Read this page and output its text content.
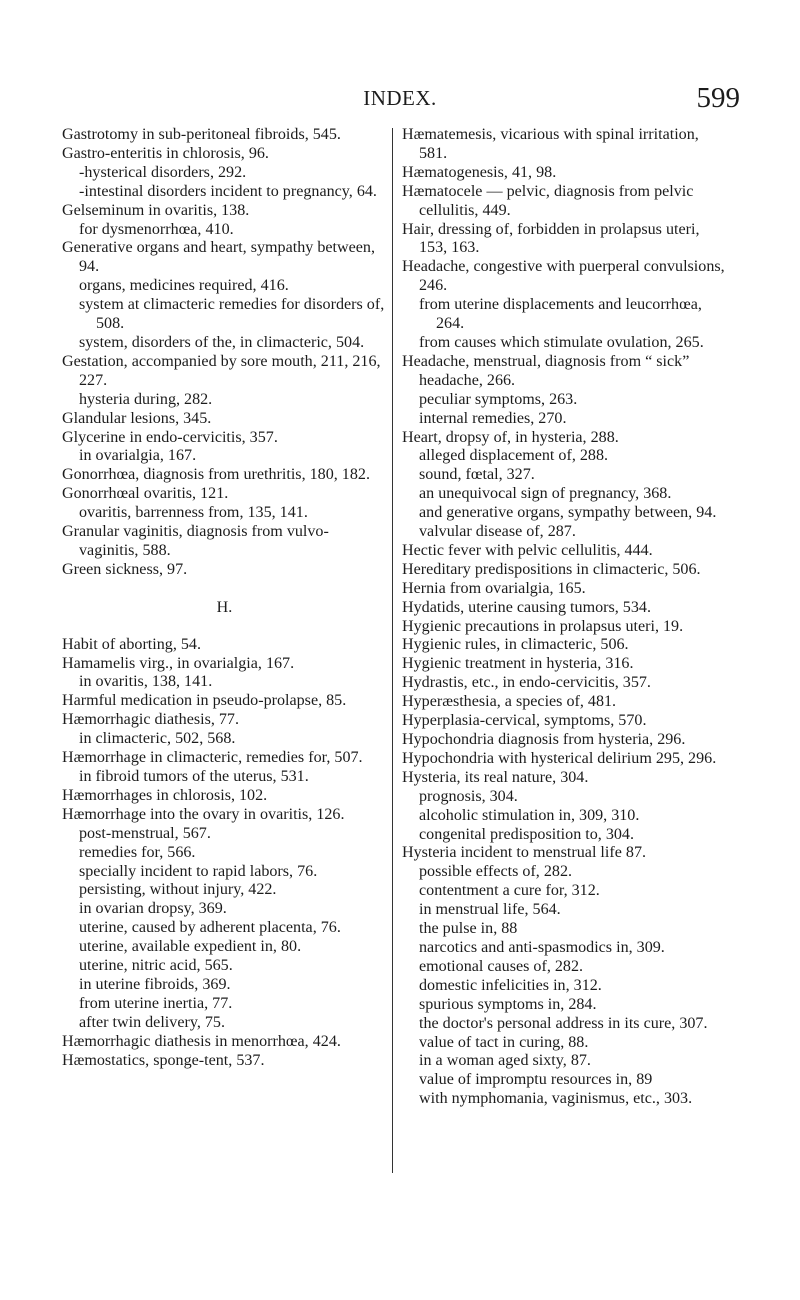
INDEX.	599
Gastrotomy in sub-peritoneal fibroids, 545.
Gastro-enteritis in chlorosis, 96.
-hysterical disorders, 292.
-intestinal disorders incident to pregnancy, 64.
Gelseminum in ovaritis, 138.
for dysmenorrhœa, 410.
Generative organs and heart, sympathy between, 94.
organs, medicines required, 416.
system at climacteric remedies for disorders of, 508.
system, disorders of the, in climacteric, 504.
Gestation, accompanied by sore mouth, 211, 216, 227.
hysteria during, 282.
Glandular lesions, 345.
Glycerine in endo-cervicitis, 357.
in ovarialgia, 167.
Gonorrhœa, diagnosis from urethritis, 180, 182.
Gonorrhœal ovaritis, 121.
ovaritis, barrenness from, 135, 141.
Granular vaginitis, diagnosis from vulvo-vaginitis, 588.
Green sickness, 97.
H.
Habit of aborting, 54.
Hamamelis virg., in ovarialgia, 167.
in ovaritis, 138, 141.
Harmful medication in pseudo-prolapse, 85.
Hæmorrhagic diathesis, 77.
in climacteric, 502, 568.
Hæmorrhage in climacteric, remedies for, 507.
in fibroid tumors of the uterus, 531.
Hæmorrhages in chlorosis, 102.
Hæmorrhage into the ovary in ovaritis, 126.
post-menstrual, 567.
remedies for, 566.
specially incident to rapid labors, 76.
persisting, without injury, 422.
in ovarian dropsy, 369.
uterine, caused by adherent placenta, 76.
uterine, available expedient in, 80.
uterine, nitric acid, 565.
in uterine fibroids, 369.
from uterine inertia, 77.
after twin delivery, 75.
Hæmorrhagic diathesis in menorrhœa, 424.
Hæmostatics, sponge-tent, 537.
Hæmatemesis, vicarious with spinal irritation, 581.
Hæmatogenesis, 41, 98.
Hæmatocele — pelvic, diagnosis from pelvic cellulitis, 449.
Hair, dressing of, forbidden in prolapsus uteri, 153, 163.
Headache, congestive with puerperal convulsions, 246.
from uterine displacements and leucorrhœa, 264.
from causes which stimulate ovulation, 265.
Headache, menstrual, diagnosis from “ sick” headache, 266.
peculiar symptoms, 263.
internal remedies, 270.
Heart, dropsy of, in hysteria, 288.
alleged displacement of, 288.
sound, fœtal, 327.
an unequivocal sign of pregnancy, 368.
and generative organs, sympathy between, 94.
valvular disease of, 287.
Hectic fever with pelvic cellulitis, 444.
Hereditary predispositions in climacteric, 506.
Hernia from ovarialgia, 165.
Hydatids, uterine causing tumors, 534.
Hygienic precautions in prolapsus uteri, 19.
Hygienic rules, in climacteric, 506.
Hygienic treatment in hysteria, 316.
Hydrastis, etc., in endo-cervicitis, 357.
Hyperæsthesia, a species of, 481.
Hyperplasia-cervical, symptoms, 570.
Hypochondria diagnosis from hysteria, 296.
Hypochondria with hysterical delirium 295, 296.
Hysteria, its real nature, 304.
prognosis, 304.
alcoholic stimulation in, 309, 310.
congenital predisposition to, 304.
Hysteria incident to menstrual life 87.
possible effects of, 282.
contentment a cure for, 312.
in menstrual life, 564.
the pulse in, 88
narcotics and anti-spasmodics in, 309.
emotional causes of, 282.
domestic infelicities in, 312.
spurious symptoms in, 284.
the doctor's personal address in its cure, 307.
value of tact in curing, 88.
in a woman aged sixty, 87.
value of impromptu resources in, 89
with nymphomania, vaginismus, etc., 303.
